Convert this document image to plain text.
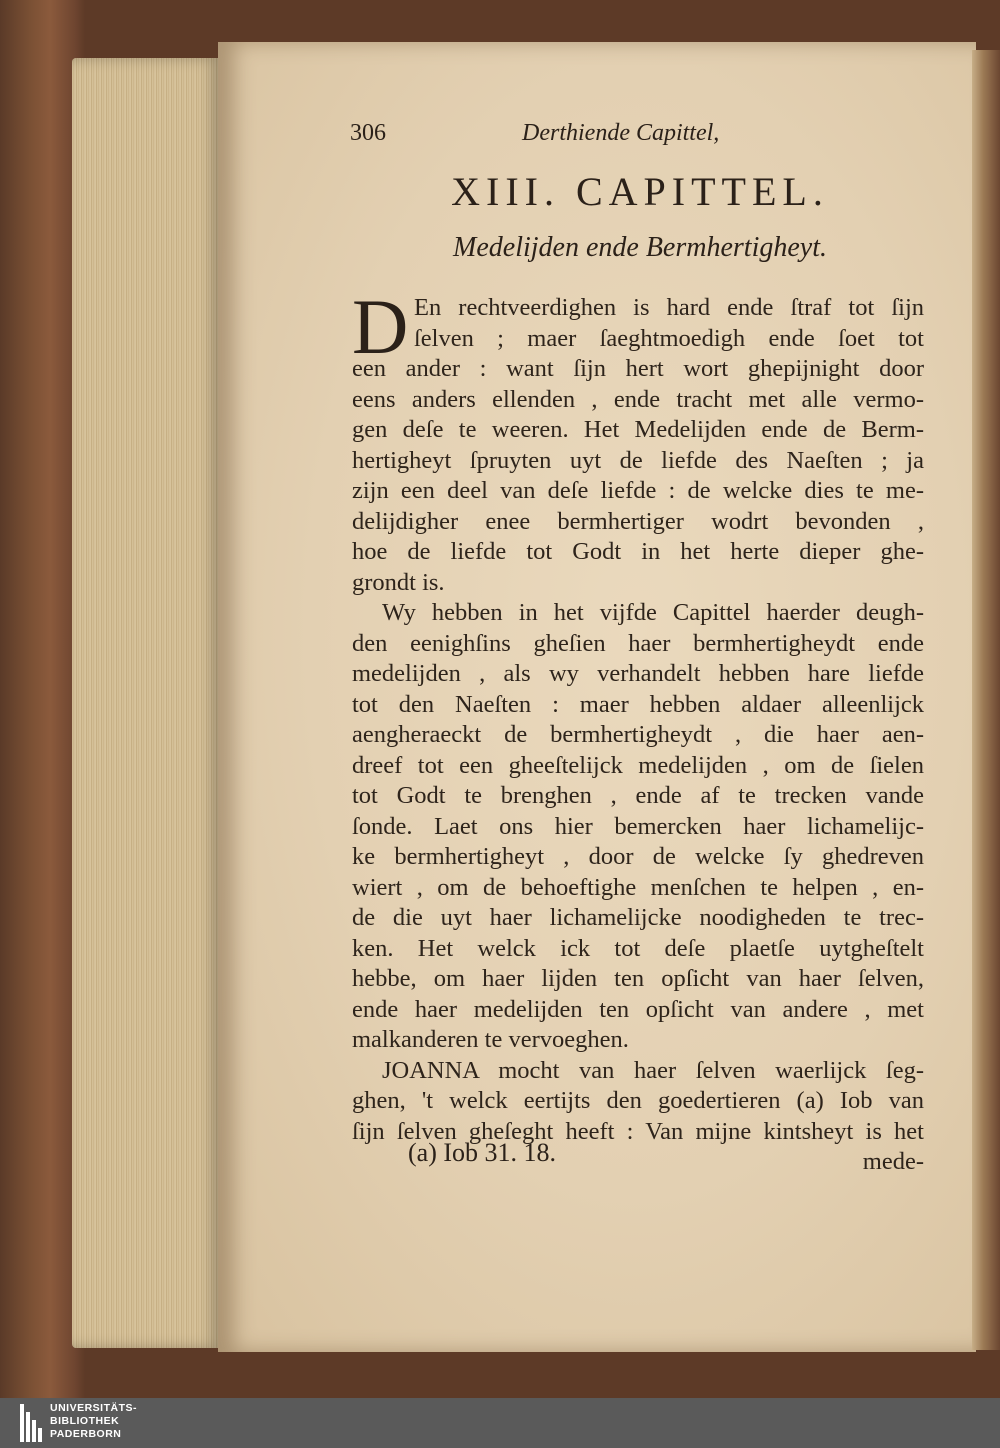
306	Derthiende Capittel,
XIII. CAPITTEL.
Medelijden ende Bermhertigheyt.
D En rechtveerdighen is hard ende ſtraf tot ſijn
ſelven ; maer ſaeghtmoedigh ende ſoet tot
een ander : want ſijn hert wort ghepijnight door
eens anders ellenden , ende tracht met alle vermo-
gen deſe te weeren. Het Medelijden ende de Berm-
hertigheyt ſpruyten uyt de liefde des Naeſten ; ja
zijn een deel van deſe liefde : de welcke dies te me-
delijdigher enee bermhertiger wodrt bevonden ,
hoe de liefde tot Godt in het herte dieper ghe-
grondt is.
Wy hebben in het vijfde Capittel haerder deugh-
den eenighſins gheſien haer bermhertigheydt ende
medelijden , als wy verhandelt hebben hare liefde
tot den Naeſten : maer hebben aldaer alleenlijck
aengheraeckt de bermhertigheydt , die haer aen-
dreef tot een gheeſtelijck medelijden , om de ſielen
tot Godt te brenghen , ende af te trecken vande
ſonde. Laet ons hier bemercken haer lichamelijc-
ke bermhertigheyt , door de welcke ſy ghedreven
wiert , om de behoeftighe menſchen te helpen , en-
de die uyt haer lichamelijcke noodigheden te trec-
ken. Het welck ick tot deſe plaetſe uytgheſtelt
hebbe, om haer lijden ten opſicht van haer ſelven,
ende haer medelijden ten opſicht van andere , met
malkanderen te vervoeghen.
JOANNA mocht van haer ſelven waerlijck ſeg-
ghen, 't welck eertijts den goedertieren (a) Iob van
ſijn ſelven gheſeght heeft : Van mijne kintsheyt is het
mede-
(a) Iob 31. 18.
UNIVERSITÄTS-
BIBLIOTHEK
PADERBORN
